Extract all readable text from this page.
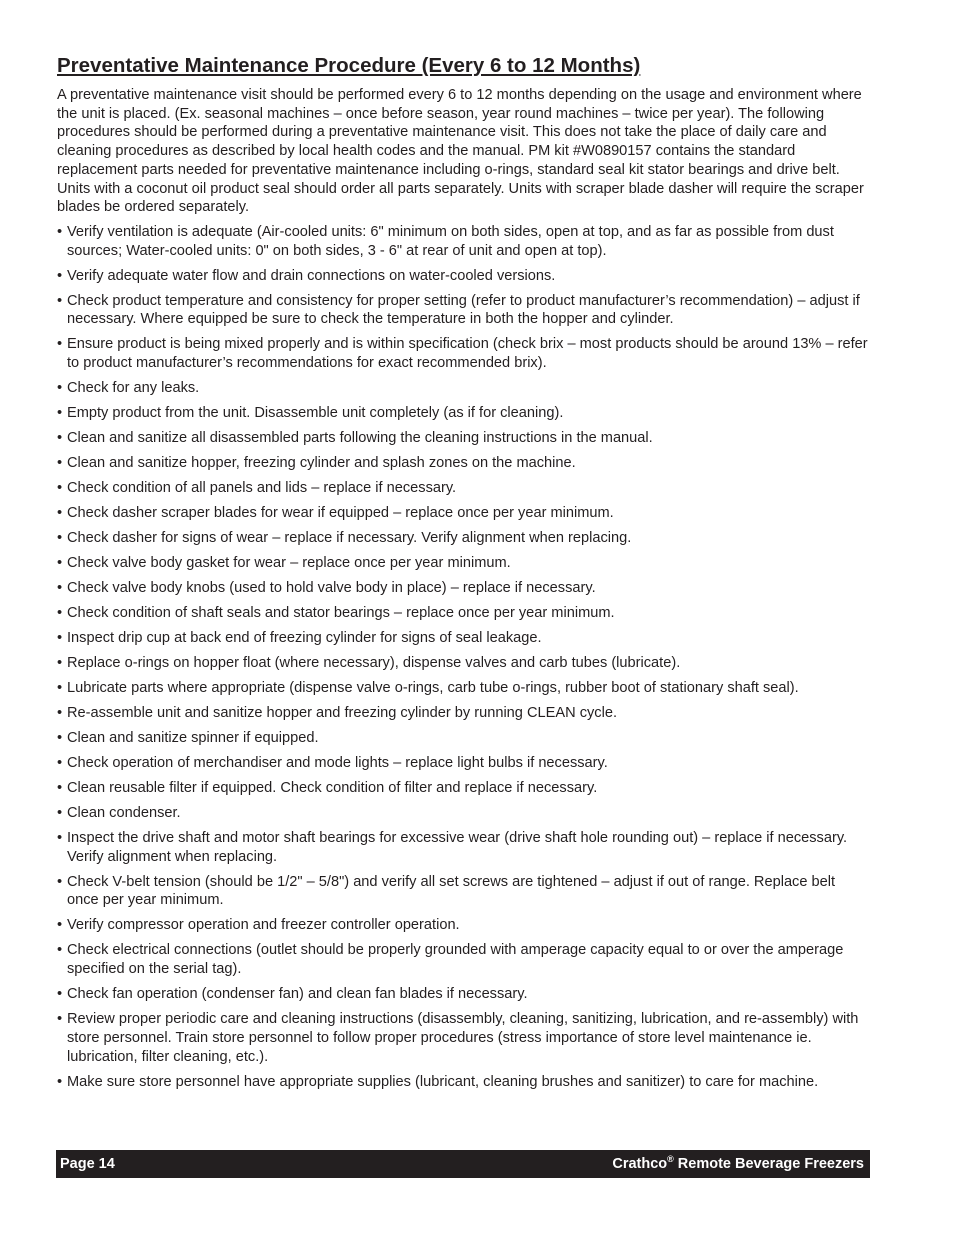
Preventative Maintenance Procedure (Every 6 to 12 Months)

A preventative maintenance visit should be performed every 6 to 12 months depending on the usage and environment where the unit is placed. (Ex. seasonal machines – once before season, year round machines – twice per year). The following procedures should be performed during a preventative maintenance visit. This does not take the place of daily care and cleaning procedures as described by local health codes and the manual. PM kit #W0890157 contains the standard replacement parts needed for preventative maintenance including o-rings, standard seal kit stator bearings and drive belt. Units with a coconut oil product seal should order all parts separately. Units with scraper blade dasher will require the scraper blades be ordered separately.

• Verify ventilation is adequate (Air-cooled units: 6" minimum on both sides, open at top, and as far as possible from dust sources; Water-cooled units: 0" on both sides, 3 - 6" at rear of unit and open at top).
• Verify adequate water flow and drain connections on water-cooled versions.
• Check product temperature and consistency for proper setting (refer to product manufacturer’s recommendation) – adjust if necessary. Where equipped be sure to check the temperature in both the hopper and cylinder.
• Ensure product is being mixed properly and is within specification (check brix – most products should be around 13% – refer to product manufacturer’s recommendations for exact recommended brix).
• Check for any leaks.
• Empty product from the unit. Disassemble unit completely (as if for cleaning).
• Clean and sanitize all disassembled parts following the cleaning instructions in the manual.
• Clean and sanitize hopper, freezing cylinder and splash zones on the machine.
• Check condition of all panels and lids – replace if necessary.
• Check dasher scraper blades for wear if equipped – replace once per year minimum.
• Check dasher for signs of wear – replace if necessary. Verify alignment when replacing.
• Check valve body gasket for wear – replace once per year minimum.
• Check valve body knobs (used to hold valve body in place) – replace if necessary.
• Check condition of shaft seals and stator bearings – replace once per year minimum.
• Inspect drip cup at back end of freezing cylinder for signs of seal leakage.
• Replace o-rings on hopper float (where necessary), dispense valves and carb tubes (lubricate).
• Lubricate parts where appropriate (dispense valve o-rings, carb tube o-rings, rubber boot of stationary shaft seal).
• Re-assemble unit and sanitize hopper and freezing cylinder by running CLEAN cycle.
• Clean and sanitize spinner if equipped.
• Check operation of merchandiser and mode lights – replace light bulbs if necessary.
• Clean reusable filter if equipped. Check condition of filter and replace if necessary.
• Clean condenser.
• Inspect the drive shaft and motor shaft bearings for excessive wear (drive shaft hole rounding out) – replace if necessary. Verify alignment when replacing.
• Check V-belt tension (should be 1/2" – 5/8") and verify all set screws are tightened – adjust if out of range. Replace belt once per year minimum.
• Verify compressor operation and freezer controller operation.
• Check electrical connections (outlet should be properly grounded with amperage capacity equal to or over the amperage specified on the serial tag).
• Check fan operation (condenser fan) and clean fan blades if necessary.
• Review proper periodic care and cleaning instructions (disassembly, cleaning, sanitizing, lubrication, and re-assembly) with store personnel. Train store personnel to follow proper procedures (stress importance of store level maintenance ie. lubrication, filter cleaning, etc.).
• Make sure store personnel have appropriate supplies (lubricant, cleaning brushes and sanitizer) to care for machine.
Page 14	Crathco® Remote Beverage Freezers
